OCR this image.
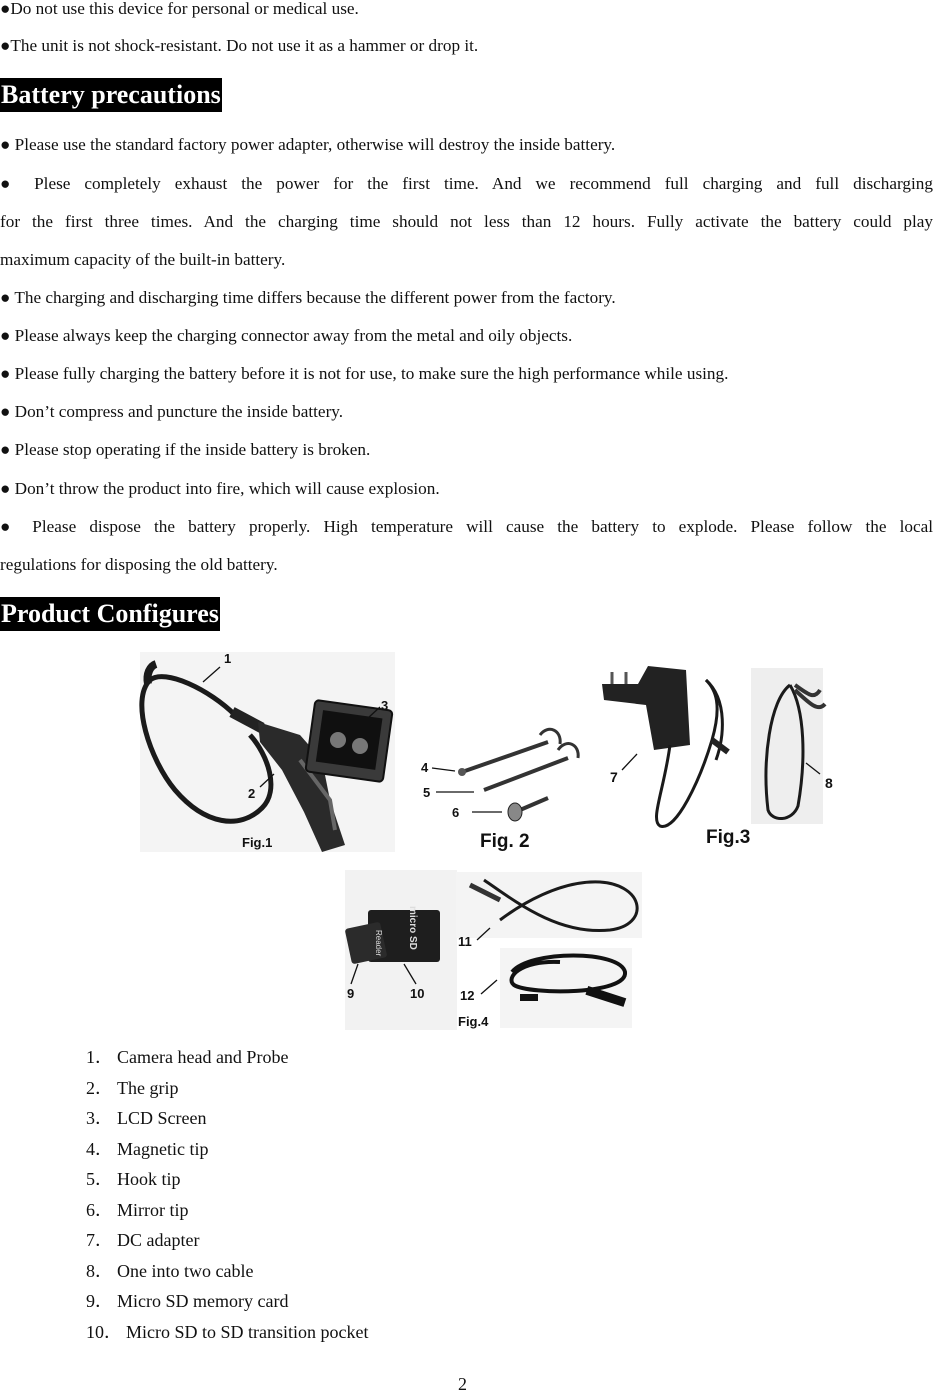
●Do not use this device for personal or medical use.
●The unit is not shock-resistant. Do not use it as a hammer or drop it.
Battery precautions
● Please use the standard factory power adapter, otherwise will destroy the inside battery.
● Plese completely exhaust the power for the first time. And we recommend full charging and full discharging
for the first three times. And the charging time should not less than 12 hours. Fully activate the battery could play
maximum capacity of the built-in battery.
● The charging and discharging time differs because the different power from the factory.
● Please always keep the charging connector away from the metal and oily objects.
● Please fully charging the battery before it is not for use, to make sure the high performance while using.
● Don’t compress and puncture the inside battery.
● Please stop operating if the inside battery is broken.
● Don’t throw the product into fire, which will cause explosion.
● Please dispose the battery properly. High temperature will cause the battery to explode. Please follow the local
regulations for disposing the old battery.
Product Configures
1
3
2
Fig.1
4
5
6
Fig. 2
7	8
Fig.3
micro SD
Reader	11
12
9	10
Fig.4
1． Camera head and Probe
2． The grip
3． LCD Screen
4． Magnetic tip
5． Hook tip
6． Mirror tip
7． DC adapter
8． One into two cable
9． Micro SD memory card
10． Micro SD to SD transition pocket
2
